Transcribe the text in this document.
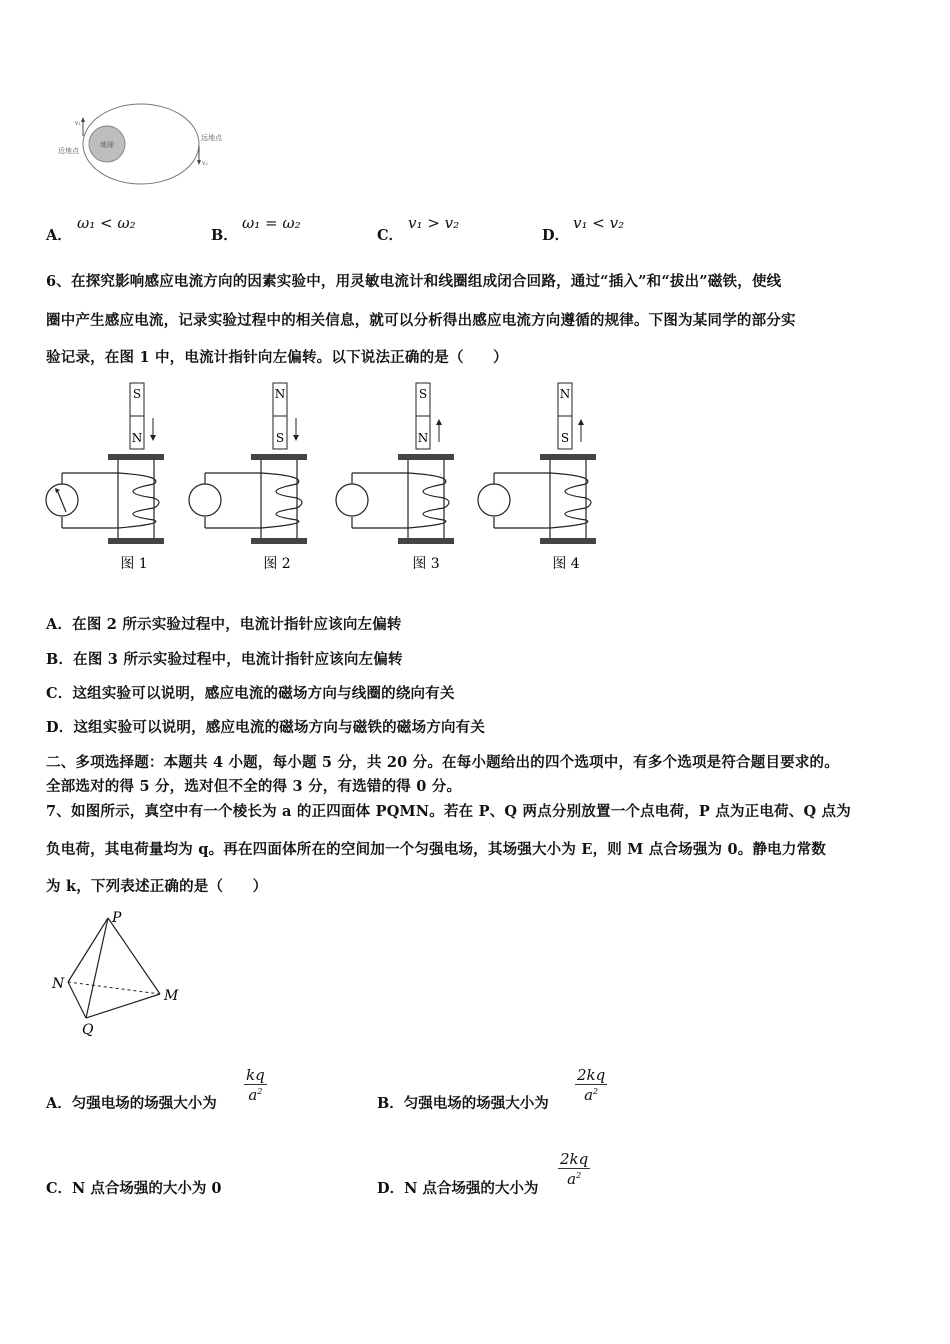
地球
近地点
远地点
v₁
v₂
A．
ω₁ < ω₂
B．
ω₁ = ω₂
C．
v₁ > v₂
D．
v₁ < v₂
6、在探究影响感应电流方向的因素实验中，用灵敏电流计和线圈组成闭合回路，通过“插入”和“拔出”磁铁，使线
圈中产生感应电流，记录实验过程中的相关信息，就可以分析得出感应电流方向遵循的规律。下图为某同学的部分实
验记录，在图 1 中，电流计指针向左偏转。以下说法正确的是（　　）
S
N
图 1
N
S
图 2
S
N
图 3
N
S
图 4
A．在图 2 所示实验过程中，电流计指针应该向左偏转
B．在图 3 所示实验过程中，电流计指针应该向左偏转
C．这组实验可以说明，感应电流的磁场方向与线圈的绕向有关
D．这组实验可以说明，感应电流的磁场方向与磁铁的磁场方向有关
二、多项选择题：本题共 4 小题，每小题 5 分，共 20 分。在每小题给出的四个选项中，有多个选项是符合题目要求的。
全部选对的得 5 分，选对但不全的得 3 分，有选错的得 0 分。
7、如图所示，真空中有一个棱长为 a 的正四面体 PQMN。若在 P、Q 两点分别放置一个点电荷，P 点为正电荷、Q 点为
负电荷，其电荷量均为 q。再在四面体所在的空间加一个匀强电场，其场强大小为 E，则 M 点合场强为 0。静电力常数
为 k，下列表述正确的是（　　）
P
N
M
Q
A．匀强电场的场强大小为
kq
$a^2$
B．匀强电场的场强大小为
2kq
$a^2$
C．N 点合场强的大小为 0	D．N 点合场强的大小为
2kq
$a^2$
